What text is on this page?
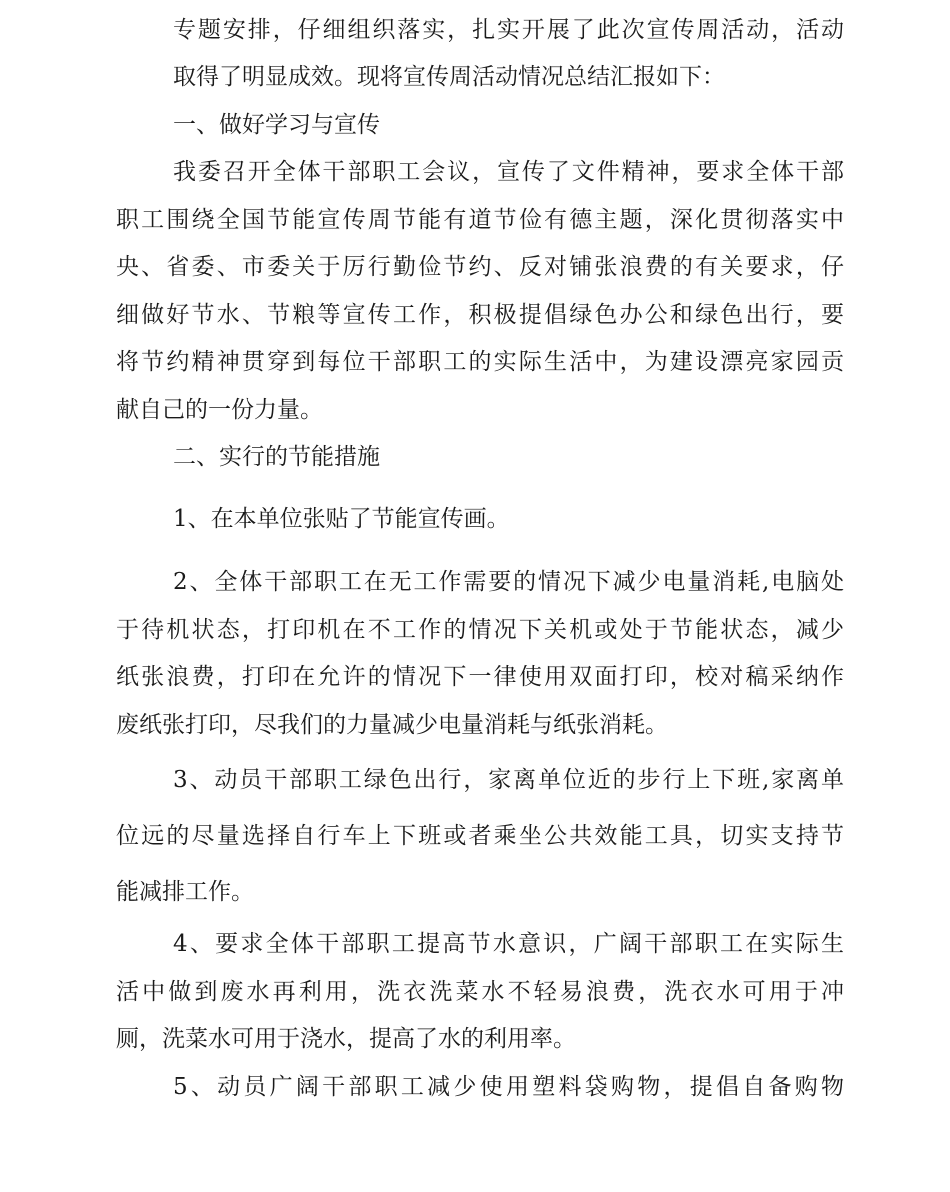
专题安排，仔细组织落实，扎实开展了此次宣传周活动，活动
取得了明显成效。现将宣传周活动情况总结汇报如下：
一、做好学习与宣传
我委召开全体干部职工会议，宣传了文件精神，要求全体干部
职工围绕全国节能宣传周节能有道节俭有德主题，深化贯彻落实中
央、省委、市委关于厉行勤俭节约、反对铺张浪费的有关要求，仔
细做好节水、节粮等宣传工作，积极提倡绿色办公和绿色出行，要
将节约精神贯穿到每位干部职工的实际生活中，为建设漂亮家园贡
献自己的一份力量。
二、实行的节能措施
1、在本单位张贴了节能宣传画。
2、全体干部职工在无工作需要的情况下减少电量消耗,电脑处
于待机状态，打印机在不工作的情况下关机或处于节能状态，减少
纸张浪费，打印在允许的情况下一律使用双面打印，校对稿采纳作
废纸张打印，尽我们的力量减少电量消耗与纸张消耗。
3、动员干部职工绿色出行，家离单位近的步行上下班,家离单
位远的尽量选择自行车上下班或者乘坐公共效能工具，切实支持节
能减排工作。
4、要求全体干部职工提高节水意识，广阔干部职工在实际生
活中做到废水再利用，洗衣洗菜水不轻易浪费，洗衣水可用于冲
厕，洗菜水可用于浇水，提高了水的利用率。
5、动员广阔干部职工减少使用塑料袋购物，提倡自备购物
